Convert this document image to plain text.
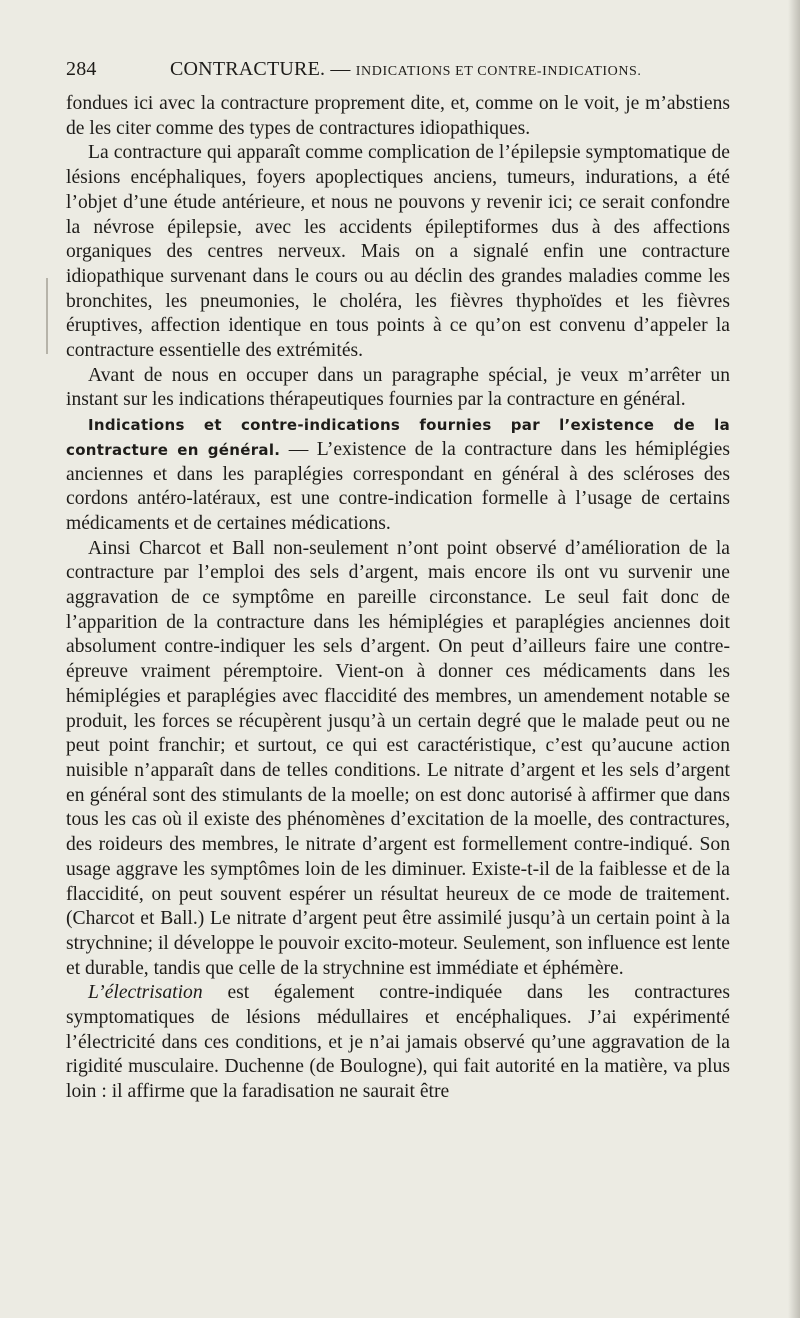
284	CONTRACTURE. — INDICATIONS ET CONTRE-INDICATIONS.

fondues ici avec la contracture proprement dite, et, comme on le voit, je m’abstiens de les citer comme des types de contractures idiopathiques.

La contracture qui apparaît comme complication de l’épilepsie symptomatique de lésions encéphaliques, foyers apoplectiques anciens, tumeurs, indurations, a été l’objet d’une étude antérieure, et nous ne pouvons y revenir ici; ce serait confondre la névrose épilepsie, avec les accidents épileptiformes dus à des affections organiques des centres nerveux. Mais on a signalé enfin une contracture idiopathique survenant dans le cours ou au déclin des grandes maladies comme les bronchites, les pneumonies, le choléra, les fièvres thyphoïdes et les fièvres éruptives, affection identique en tous points à ce qu’on est convenu d’appeler la contracture essentielle des extrémités.

Avant de nous en occuper dans un paragraphe spécial, je veux m’arrêter un instant sur les indications thérapeutiques fournies par la contracture en général.

Indications et contre-indications fournies par l’existence de la contracture en général. — L’existence de la contracture dans les hémiplégies anciennes et dans les paraplégies correspondant en général à des scléroses des cordons antéro-latéraux, est une contre-indication formelle à l’usage de certains médicaments et de certaines médications.

Ainsi Charcot et Ball non-seulement n’ont point observé d’amélioration de la contracture par l’emploi des sels d’argent, mais encore ils ont vu survenir une aggravation de ce symptôme en pareille circonstance. Le seul fait donc de l’apparition de la contracture dans les hémiplégies et paraplégies anciennes doit absolument contre-indiquer les sels d’argent. On peut d’ailleurs faire une contre-épreuve vraiment péremptoire. Vient-on à donner ces médicaments dans les hémiplégies et paraplégies avec flaccidité des membres, un amendement notable se produit, les forces se récupèrent jusqu’à un certain degré que le malade peut ou ne peut point franchir; et surtout, ce qui est caractéristique, c’est qu’aucune action nuisible n’apparaît dans de telles conditions. Le nitrate d’argent et les sels d’argent en général sont des stimulants de la moelle; on est donc autorisé à affirmer que dans tous les cas où il existe des phénomènes d’excitation de la moelle, des contractures, des roideurs des membres, le nitrate d’argent est formellement contre-indiqué. Son usage aggrave les symptômes loin de les diminuer. Existe-t-il de la faiblesse et de la flaccidité, on peut souvent espérer un résultat heureux de ce mode de traitement. (Charcot et Ball.) Le nitrate d’argent peut être assimilé jusqu’à un certain point à la strychnine; il développe le pouvoir excito-moteur. Seulement, son influence est lente et durable, tandis que celle de la strychnine est immédiate et éphémère.

L’électrisation est également contre-indiquée dans les contractures symptomatiques de lésions médullaires et encéphaliques. J’ai expérimenté l’électricité dans ces conditions, et je n’ai jamais observé qu’une aggravation de la rigidité musculaire. Duchenne (de Boulogne), qui fait autorité en la matière, va plus loin : il affirme que la faradisation ne saurait être
